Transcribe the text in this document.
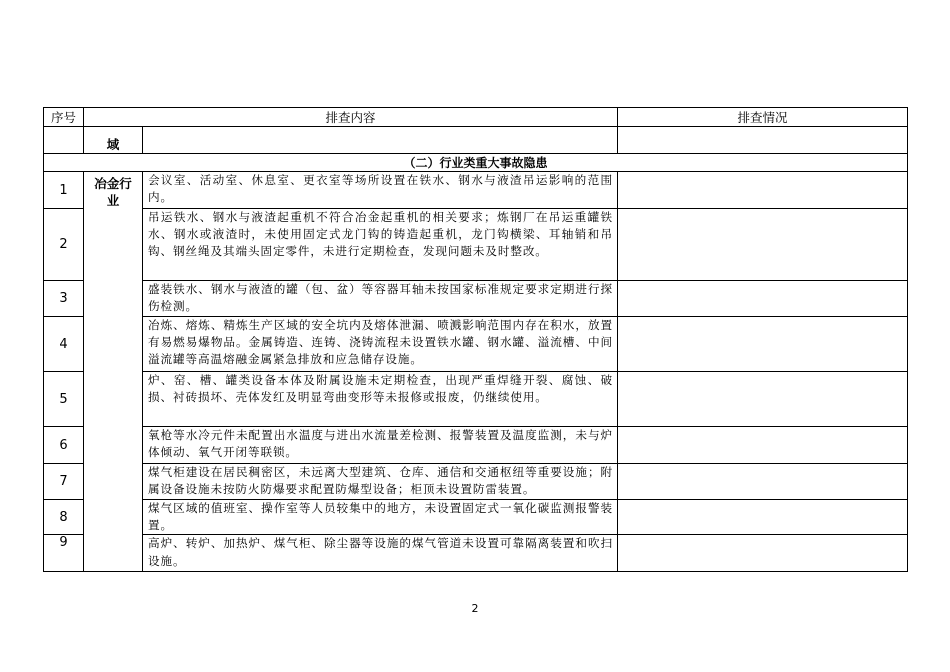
序号	排查内容		排查情况

	域		

（二）行业类重大事故隐患			
1	冶金行业	会议室、活动室、休息室、更衣室等场所设置在铁水、钢水与液渣吊运影响的范围内。	
2		吊运铁水、钢水与液渣起重机不符合冶金起重机的相关要求；炼钢厂在吊运重罐铁水、钢水或液渣时，未使用固定式龙门钩的铸造起重机，龙门钩横梁、耳轴销和吊钩、钢丝绳及其端头固定零件，未进行定期检查，发现问题未及时整改。	
3		盛装铁水、钢水与液渣的罐（包、盆）等容器耳轴未按国家标准规定要求定期进行探伤检测。	
4		冶炼、熔炼、精炼生产区域的安全坑内及熔体泄漏、喷溅影响范围内存在积水，放置有易燃易爆物品。金属铸造、连铸、浇铸流程未设置铁水罐、钢水罐、溢流槽、中间溢流罐等高温熔融金属紧急排放和应急储存设施。	
5		炉、窑、槽、罐类设备本体及附属设施未定期检查，出现严重焊缝开裂、腐蚀、破损、衬砖损坏、壳体发红及明显弯曲变形等未报修或报废，仍继续使用。	
6		氧枪等水冷元件未配置出水温度与进出水流量差检测、报警装置及温度监测，未与炉体倾动、氧气开闭等联锁。	
7		煤气柜建设在居民稠密区，未远离大型建筑、仓库、通信和交通枢纽等重要设施；附属设备设施未按防火防爆要求配置防爆型设备；柜顶未设置防雷装置。	
8		煤气区域的值班室、操作室等人员较集中的地方，未设置固定式一氧化碳监测报警装置。	
9		高炉、转炉、加热炉、煤气柜、除尘器等设施的煤气管道未设置可靠隔离装置和吹扫设施。	
2
